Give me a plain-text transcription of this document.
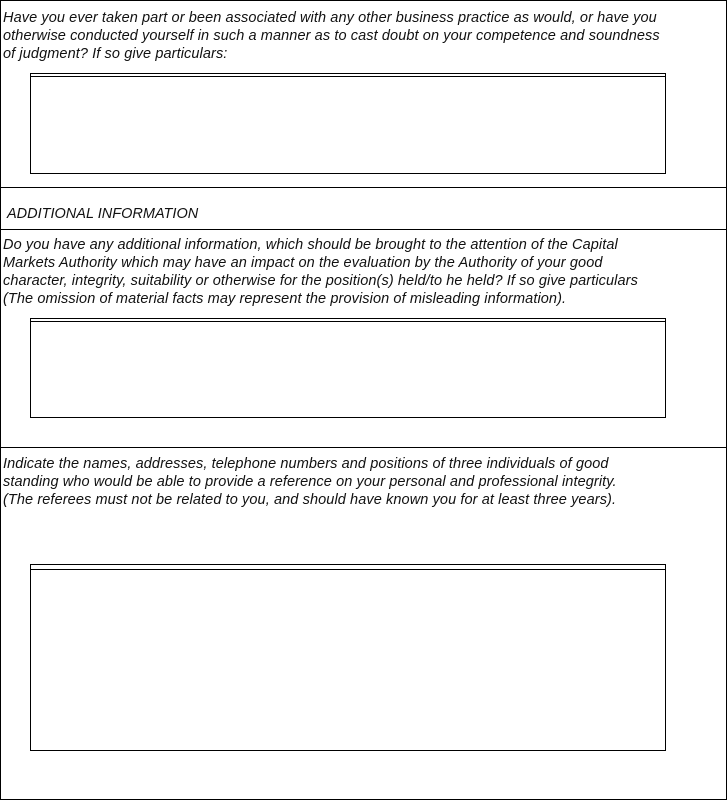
Have you ever taken part or been associated with any other business practice as would, or have you
otherwise conducted yourself in such a manner as to cast doubt on your competence and soundness
of judgment? If so give particulars:
ADDITIONAL INFORMATION
Do you have any additional information, which should be brought to the attention of the Capital
Markets Authority which may have an impact on the evaluation by the Authority of your good
character, integrity, suitability or otherwise for the position(s) held/to he held? If so give particulars
(The omission of material facts may represent the provision of misleading information).
Indicate the names, addresses, telephone numbers and positions of three individuals of good
standing who would be able to provide a reference on your personal and professional integrity.
(The referees must not be related to you, and should have known you for at least three years).
